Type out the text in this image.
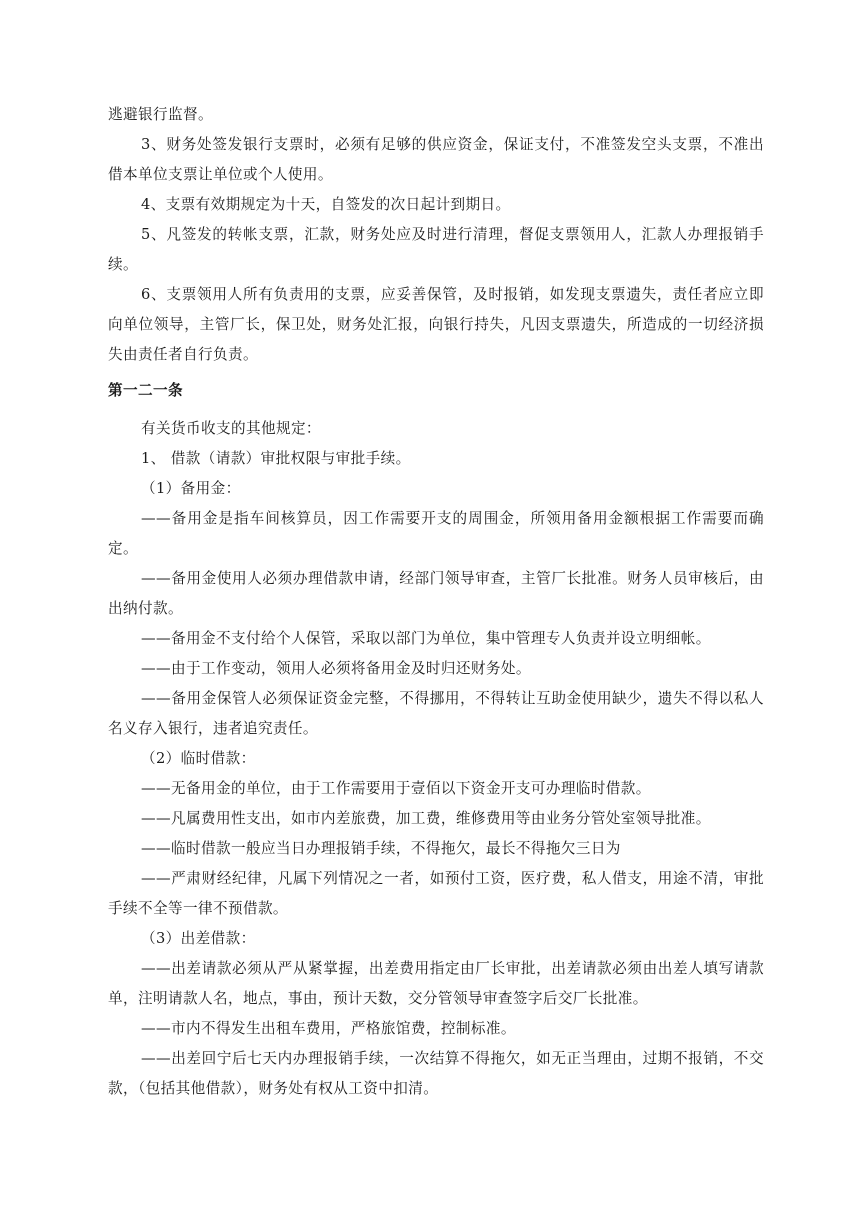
逃避银行监督。

3、财务处签发银行支票时，必须有足够的供应资金，保证支付，不准签发空头支票，不准出借本单位支票让单位或个人使用。

4、支票有效期规定为十天，自签发的次日起计到期日。

5、凡签发的转帐支票，汇款，财务处应及时进行清理，督促支票领用人，汇款人办理报销手续。

6、支票领用人所有负责用的支票，应妥善保管，及时报销，如发现支票遗失，责任者应立即向单位领导，主管厂长，保卫处，财务处汇报，向银行持失，凡因支票遗失，所造成的一切经济损失由责任者自行负责。

第一二一条

有关货币收支的其他规定：

1、 借款（请款）审批权限与审批手续。

（1）备用金：

——备用金是指车间核算员，因工作需要开支的周围金，所领用备用金额根据工作需要而确定。

——备用金使用人必须办理借款申请，经部门领导审查，主管厂长批准。财务人员审核后，由出纳付款。

——备用金不支付给个人保管，采取以部门为单位，集中管理专人负责并设立明细帐。

——由于工作变动，领用人必须将备用金及时归还财务处。

——备用金保管人必须保证资金完整，不得挪用，不得转让互助金使用缺少，遗失不得以私人名义存入银行，违者追究责任。

（2）临时借款：

——无备用金的单位，由于工作需要用于壹佰以下资金开支可办理临时借款。

——凡属费用性支出，如市内差旅费，加工费，维修费用等由业务分管处室领导批准。

——临时借款一般应当日办理报销手续，不得拖欠，最长不得拖欠三日为

——严肃财经纪律，凡属下列情况之一者，如预付工资，医疗费，私人借支，用途不清，审批手续不全等一律不预借款。

（3）出差借款：

——出差请款必须从严从紧掌握，出差费用指定由厂长审批，出差请款必须由出差人填写请款单，注明请款人名，地点，事由，预计天数，交分管领导审查签字后交厂长批准。

——市内不得发生出租车费用，严格旅馆费，控制标准。

——出差回宁后七天内办理报销手续，一次结算不得拖欠，如无正当理由，过期不报销，不交款，（包括其他借款），财务处有权从工资中扣清。
